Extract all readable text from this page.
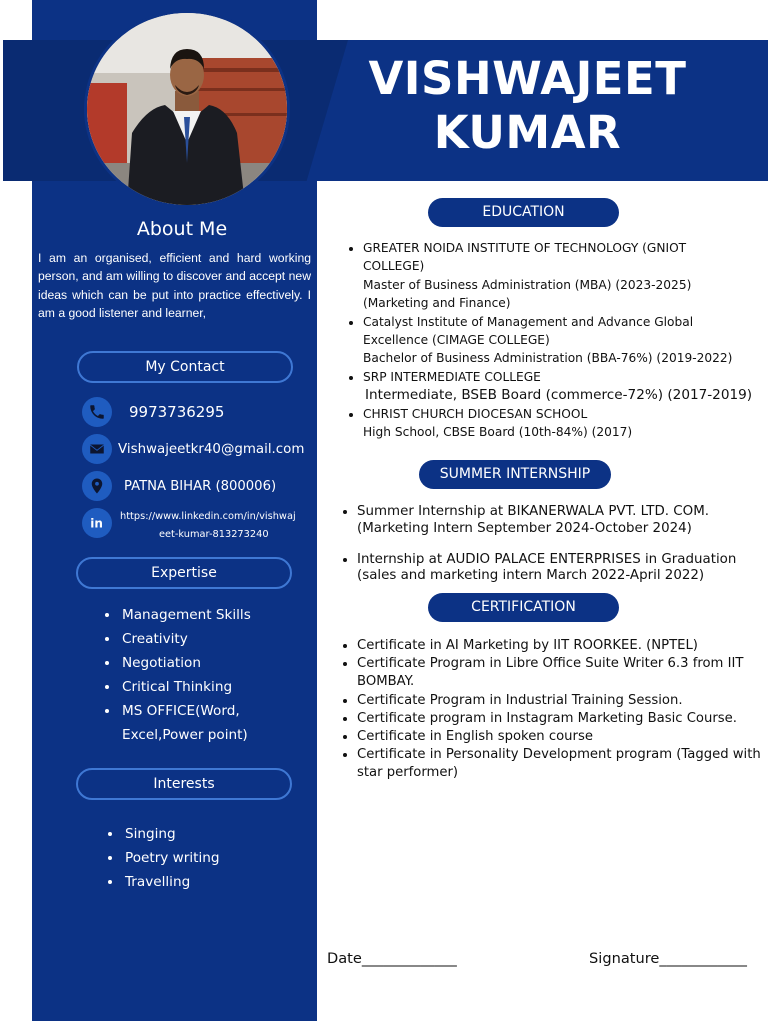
VISHWAJEET
KUMAR
About Me
I am an organised, efficient and hard working person, and am willing to discover and accept new ideas which can be put into practice effectively. I am a good listener and learner,
My Contact
9973736295
Vishwajeetkr40@gmail.com
PATNA BIHAR (800006)
in https://www.linkedin.com/in/vishwaj
eet-kumar-813273240
Expertise
• Management Skills
• Creativity
• Negotiation
• Critical Thinking
• MS OFFICE(Word,
Excel,Power point)
Interests
• Singing
• Poetry writing
• Travelling
EDUCATION
• GREATER NOIDA INSTITUTE OF TECHNOLOGY (GNIOT
COLLEGE)
Master of Business Administration (MBA) (2023-2025)
(Marketing and Finance)
• Catalyst Institute of Management and Advance Global
Excellence (CIMAGE COLLEGE)
Bachelor of Business Administration (BBA-76%) (2019-2022)
• SRP INTERMEDIATE COLLEGE
Intermediate, BSEB Board (commerce-72%) (2017-2019)
• CHRIST CHURCH DIOCESAN SCHOOL
High School, CBSE Board (10th-84%) (2017)
SUMMER INTERNSHIP
• Summer Internship at BIKANERWALA PVT. LTD. COM.
(Marketing Intern September 2024-October 2024)
• Internship at AUDIO PALACE ENTERPRISES in Graduation
(sales and marketing intern March 2022-April 2022)
CERTIFICATION
• Certificate in AI Marketing by IIT ROORKEE. (NPTEL)
• Certificate Program in Libre Office Suite Writer 6.3 from IIT BOMBAY.
• Certificate Program in Industrial Training Session.
• Certificate program in Instagram Marketing Basic Course.
• Certificate in English spoken course
• Certificate in Personality Development program (Tagged with star performer)
Date_____________	Signature____________
